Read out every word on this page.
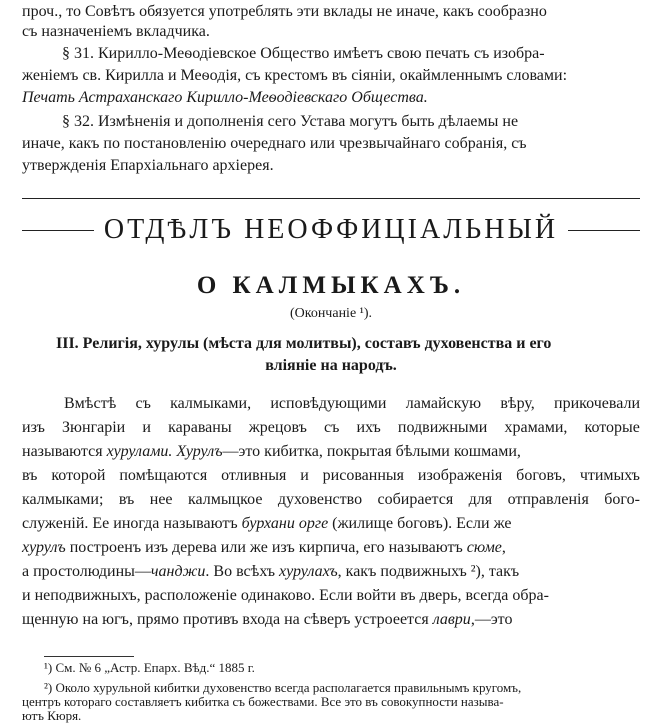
проч., то Совѣтъ обязуется употреблять эти вклады не иначе, какъ сообразно
съ назначеніемъ вкладчика.
§ 31. Кирилло-Меѳодіевское Общество имѣетъ свою печать съ изобра-
женіемъ св. Кирилла и Меѳодія, съ крестомъ въ сіяніи, окаймленнымъ словами:
Печать Астраханскаго Кирилло-Меѳодіевскаго Общества.
§ 32. Измѣненія и дополненія сего Устава могутъ быть дѣлаемы не
иначе, какъ по постановленію очереднаго или чрезвычайнаго собранія, съ
утвержденія Епархіальнаго архіерея.
ОТДѢЛЪ НЕОФФИЦІАЛЬНЫЙ
О КАЛМЫКАХЪ.
(Окончаніе ¹).
III. Религія, хурулы (мѣста для молитвы), составъ духовенства и его
вліяніе на народъ.
Вмѣстѣ съ калмыками, исповѣдующими ламайскую вѣру, прикочевали
изъ Зюнгаріи и караваны жрецовъ съ ихъ подвижными храмами, которые
называются хурулами. Хурулъ—это кибитка, покрытая бѣлыми кошмами,
въ которой помѣщаются отливныя и рисованныя изображенія боговъ, чтимыхъ
калмыками; въ нее калмыцкое духовенство собирается для отправленія бого-
служеній. Ее иногда называютъ бурхани орге (жилище боговъ). Если же
хурулъ построенъ изъ дерева или же изъ кирпича, его называютъ сюме,
а простолюдины—чанджи. Во всѣхъ хурулахъ, какъ подвижныхъ ²), такъ
и неподвижныхъ, расположеніе одинаково. Если войти въ дверь, всегда обра-
щенную на югъ, прямо противъ входа на сѣверъ устроеется лаври,—это
¹) См. № 6 „Астр. Епарх. Вѣд.“ 1885 г.
²) Около хурульной кибитки духовенство всегда располагается правильнымъ кругомъ,
центръ котораго составляетъ кибитка съ божествами. Все это въ совокупности называ-
ютъ Кюря.
